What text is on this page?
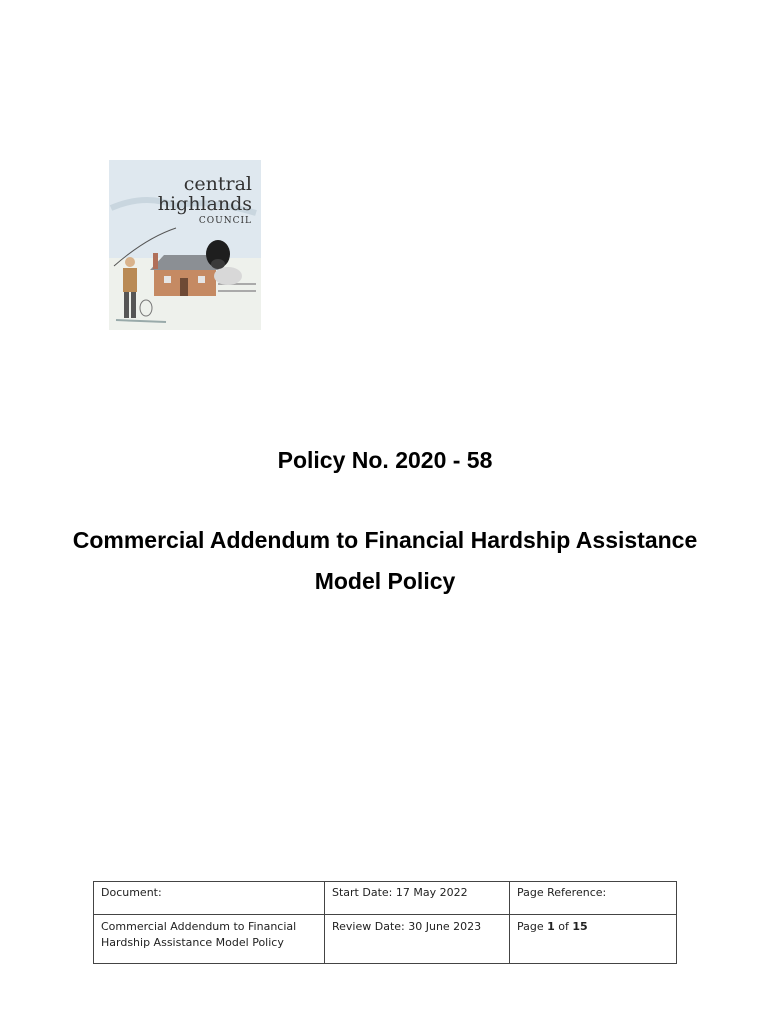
central
highlands
COUNCIL
Policy No. 2020 - 58
Commercial Addendum to Financial Hardship Assistance Model Policy
Document:	Start Date: 17 May 2022	Page Reference:
Commercial Addendum to Financial Hardship Assistance Model Policy	Review Date: 30 June 2023	Page 1 of 15
